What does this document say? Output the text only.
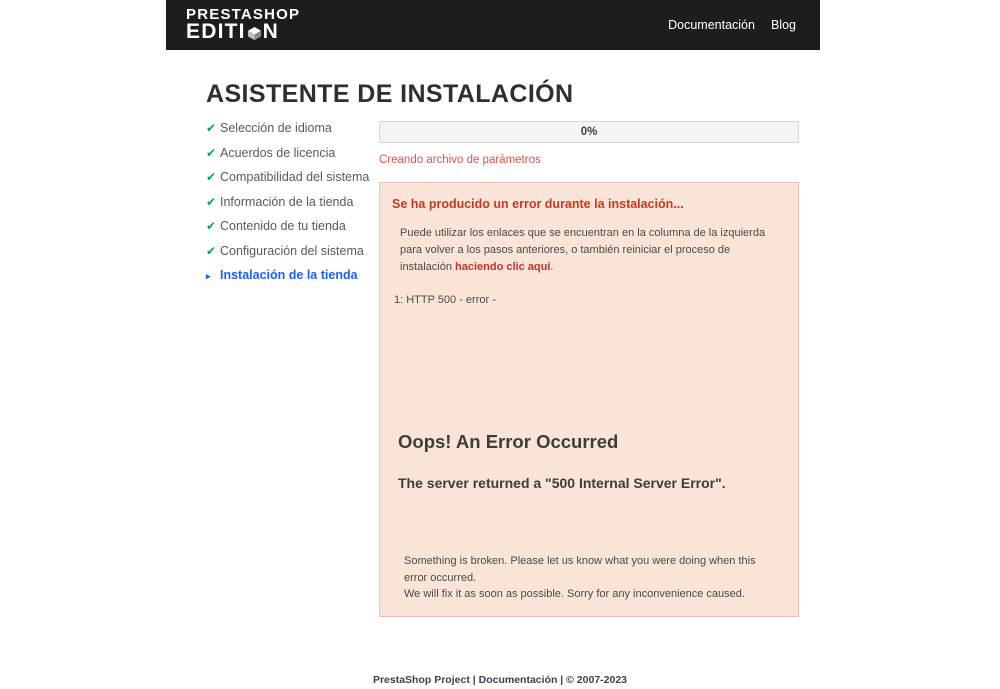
PRESTASHOP
EDITI N	Documentación Blog
ASISTENTE DE INSTALACIÓN
✔ Selección de idioma
✔ Acuerdos de licencia
✔ Compatibilidad del sistema
✔ Información de la tienda
✔ Contenido de tu tienda
✔ Configuración del sistema
▸ Instalación de la tienda
0%
Creando archivo de parámetros
Se ha producido un error durante la instalación...
Puede utilizar los enlaces que se encuentran en la columna de la izquierda para volver a los pasos anteriores, o también reiniciar el proceso de instalación haciendo clic aquí.
1: HTTP 500 - error -
Oops! An Error Occurred
The server returned a "500 Internal Server Error".
Something is broken. Please let us know what you were doing when this error occurred.
We will fix it as soon as possible. Sorry for any inconvenience caused.
PrestaShop Project | Documentación | © 2007-2023
